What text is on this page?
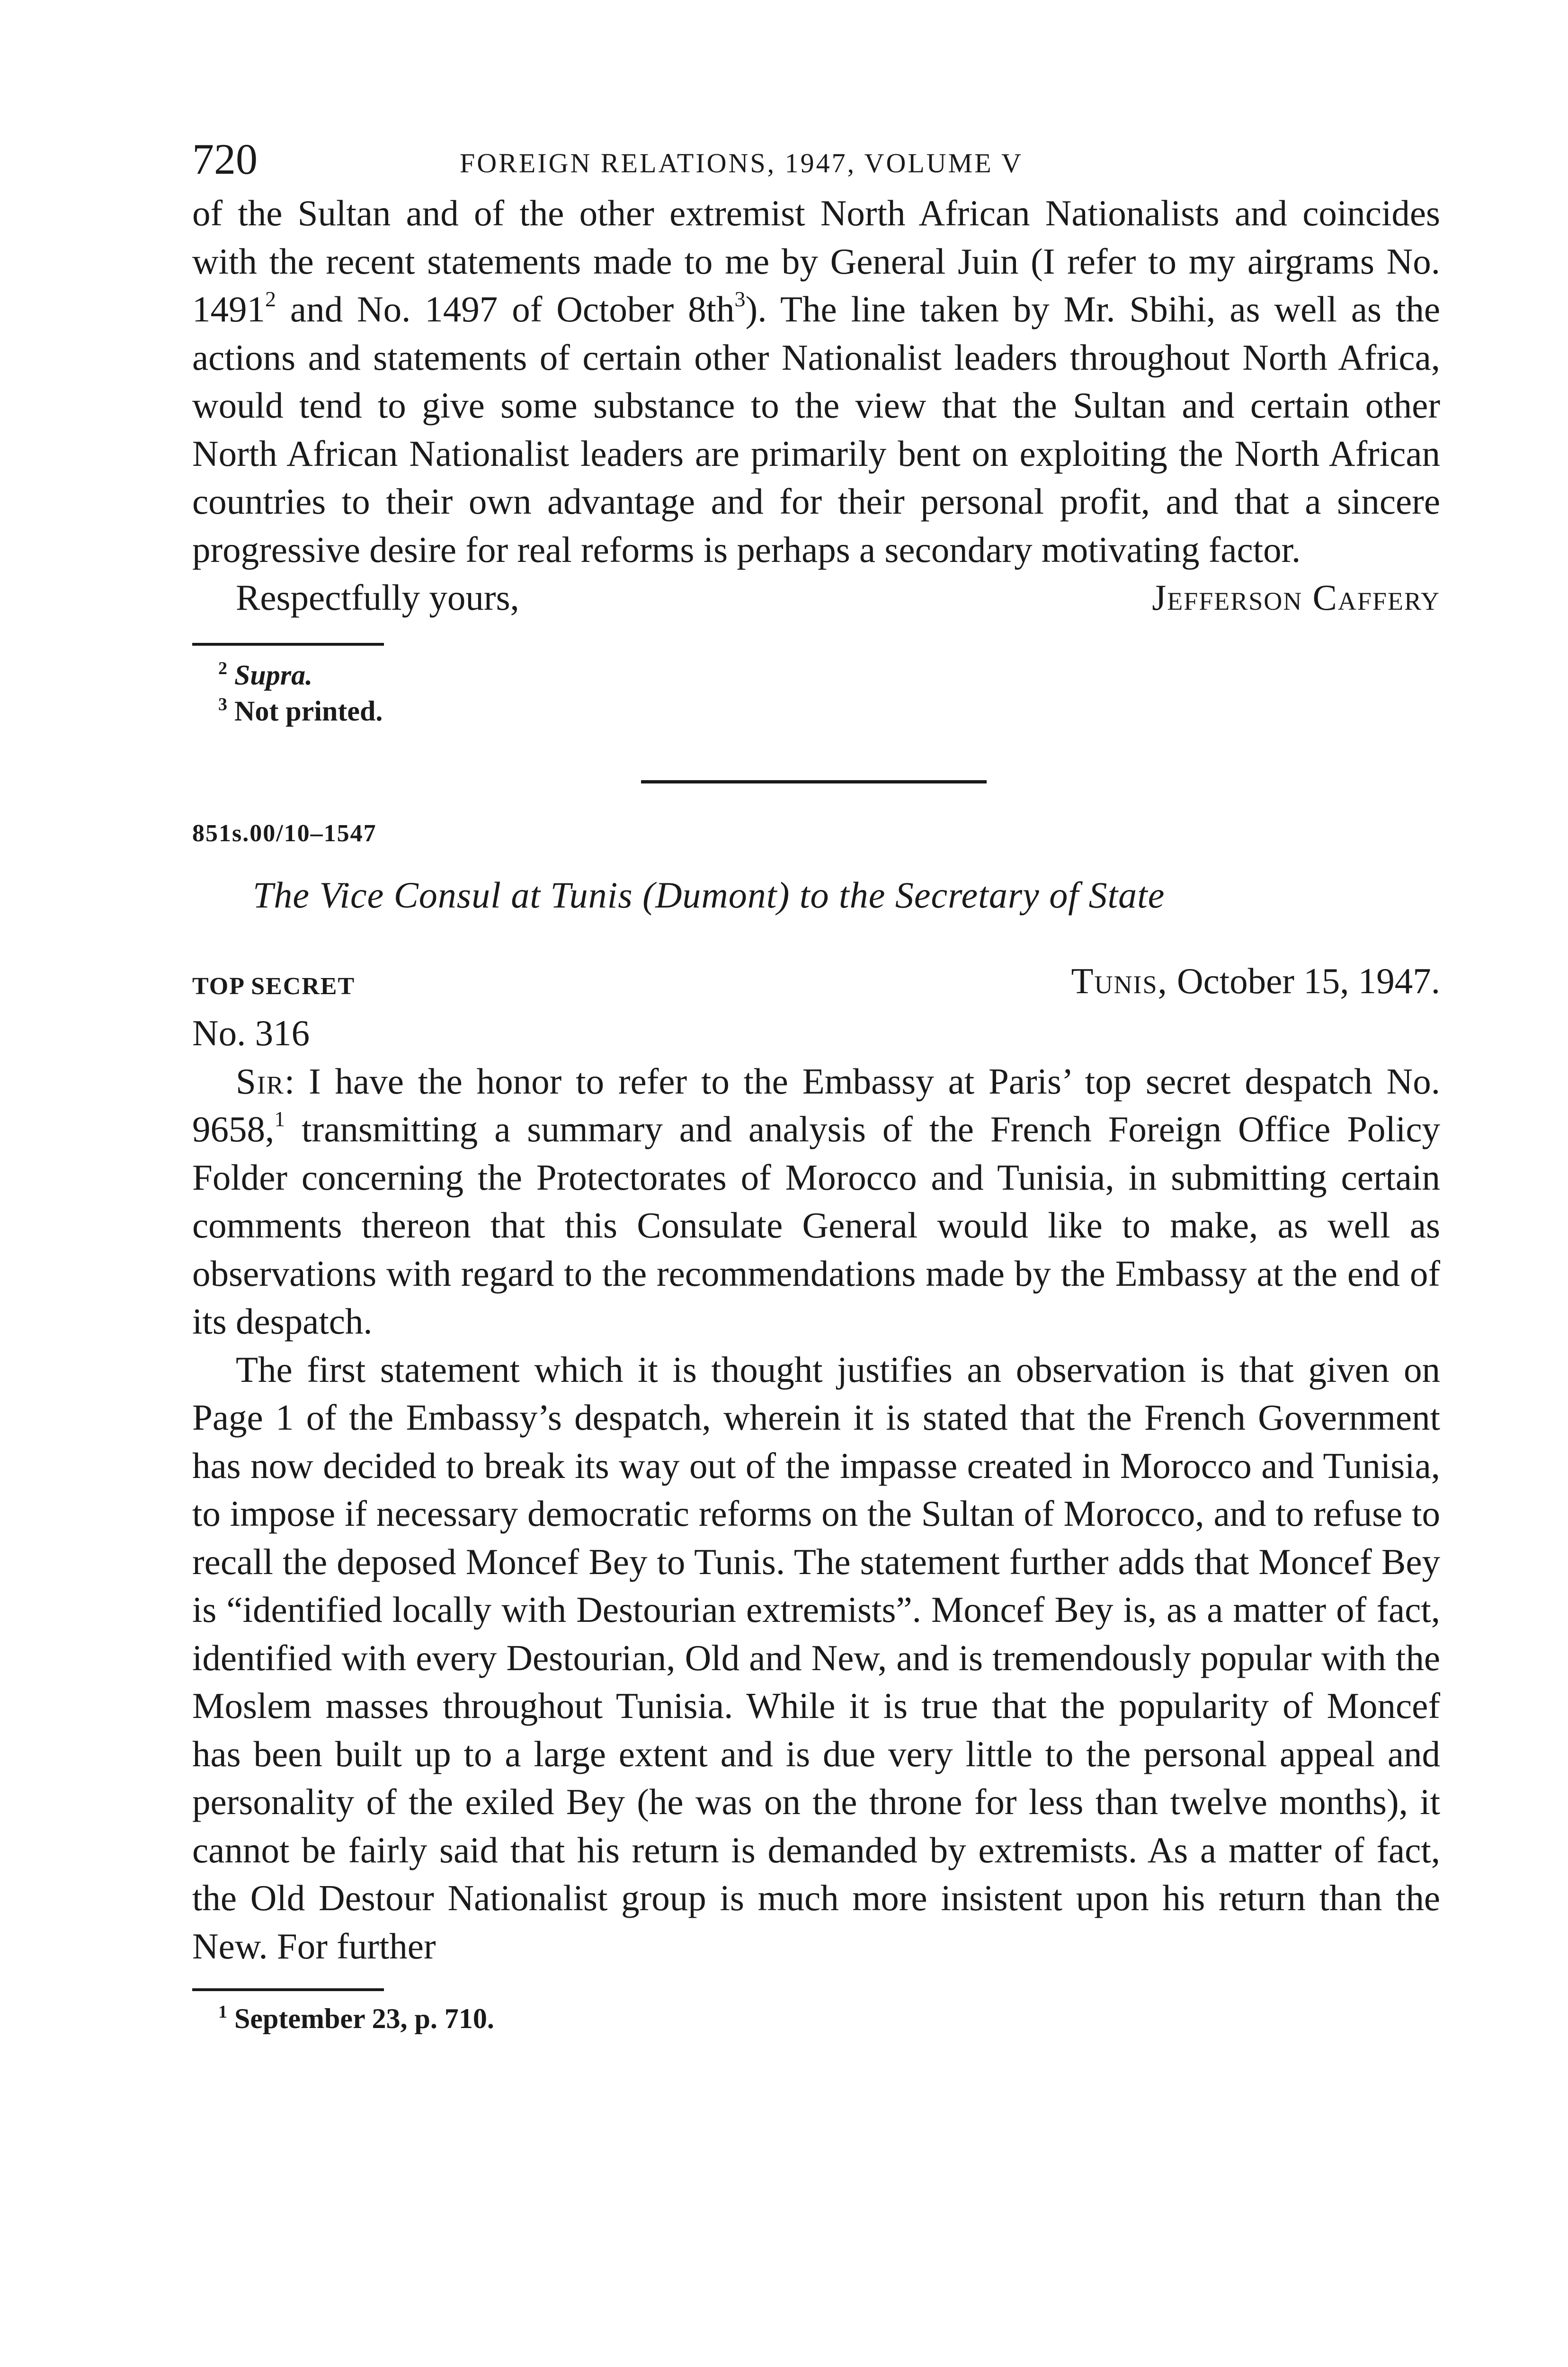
720	FOREIGN RELATIONS, 1947, VOLUME V

of the Sultan and of the other extremist North African Nationalists and coincides with the recent statements made to me by General Juin (I refer to my airgrams No. 1491$^2$ and No. 1497 of October 8th$^3$). The line taken by Mr. Sbihi, as well as the actions and statements of certain other Nationalist leaders throughout North Africa, would tend to give some substance to the view that the Sultan and certain other North African Nationalist leaders are primarily bent on exploiting the North African countries to their own advantage and for their personal profit, and that a sincere progressive desire for real reforms is perhaps a secondary motivating factor.

Respectfully yours,	Jefferson Caffery
$^2$ Supra.
$^3$ Not printed.
851s.00/10–1547
The Vice Consul at Tunis (Dumont) to the Secretary of State
TOP SECRET	Tunis, October 15, 1947.
No. 316

Sir: I have the honor to refer to the Embassy at Paris’ top secret despatch No. 9658,$^1$ transmitting a summary and analysis of the French Foreign Office Policy Folder concerning the Protectorates of Morocco and Tunisia, in submitting certain comments thereon that this Consulate General would like to make, as well as observations with regard to the recommendations made by the Embassy at the end of its despatch.

The first statement which it is thought justifies an observation is that given on Page 1 of the Embassy’s despatch, wherein it is stated that the French Government has now decided to break its way out of the impasse created in Morocco and Tunisia, to impose if necessary democratic reforms on the Sultan of Morocco, and to refuse to recall the deposed Moncef Bey to Tunis. The statement further adds that Moncef Bey is “identified locally with Destourian extremists”. Moncef Bey is, as a matter of fact, identified with every Destourian, Old and New, and is tremendously popular with the Moslem masses throughout Tunisia. While it is true that the popularity of Moncef has been built up to a large extent and is due very little to the personal appeal and personality of the exiled Bey (he was on the throne for less than twelve months), it cannot be fairly said that his return is demanded by extremists. As a matter of fact, the Old Destour Nationalist group is much more insistent upon his return than the New. For further

$^1$ September 23, p. 710.
